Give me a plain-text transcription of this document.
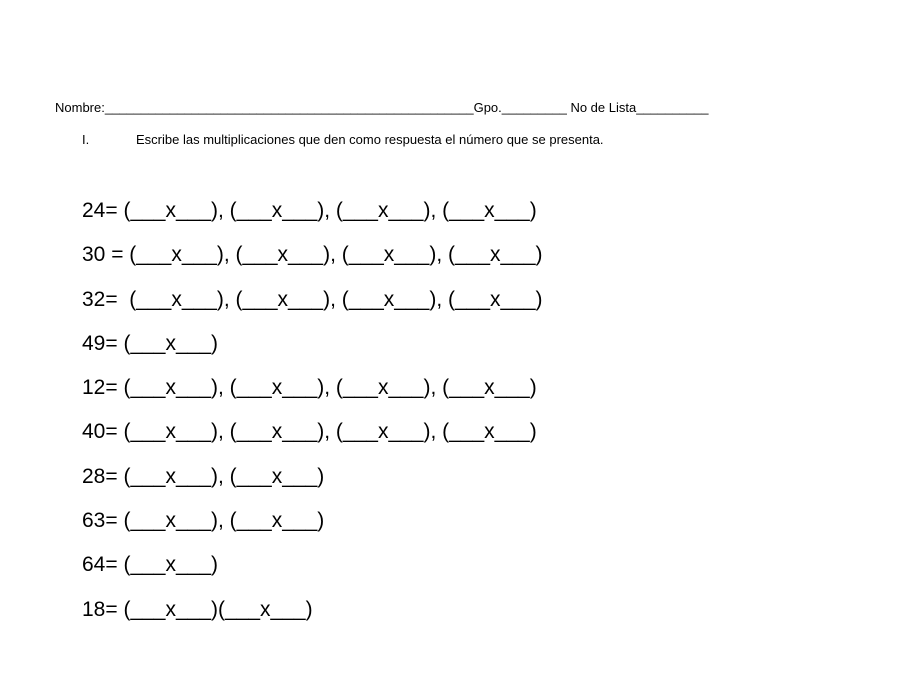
Nombre:___________________________________________________Gpo._________ No de Lista__________
I.	Escribe las multiplicaciones que den como respuesta el número que se presenta.
24= (___x___), (___x___), (___x___), (___x___)
30 = (___x___), (___x___), (___x___), (___x___)
32=  (___x___), (___x___), (___x___), (___x___)
49= (___x___)
12= (___x___), (___x___), (___x___), (___x___)
40= (___x___), (___x___), (___x___), (___x___)
28= (___x___), (___x___)
63= (___x___), (___x___)
64= (___x___)
18= (___x___)(___x___)
